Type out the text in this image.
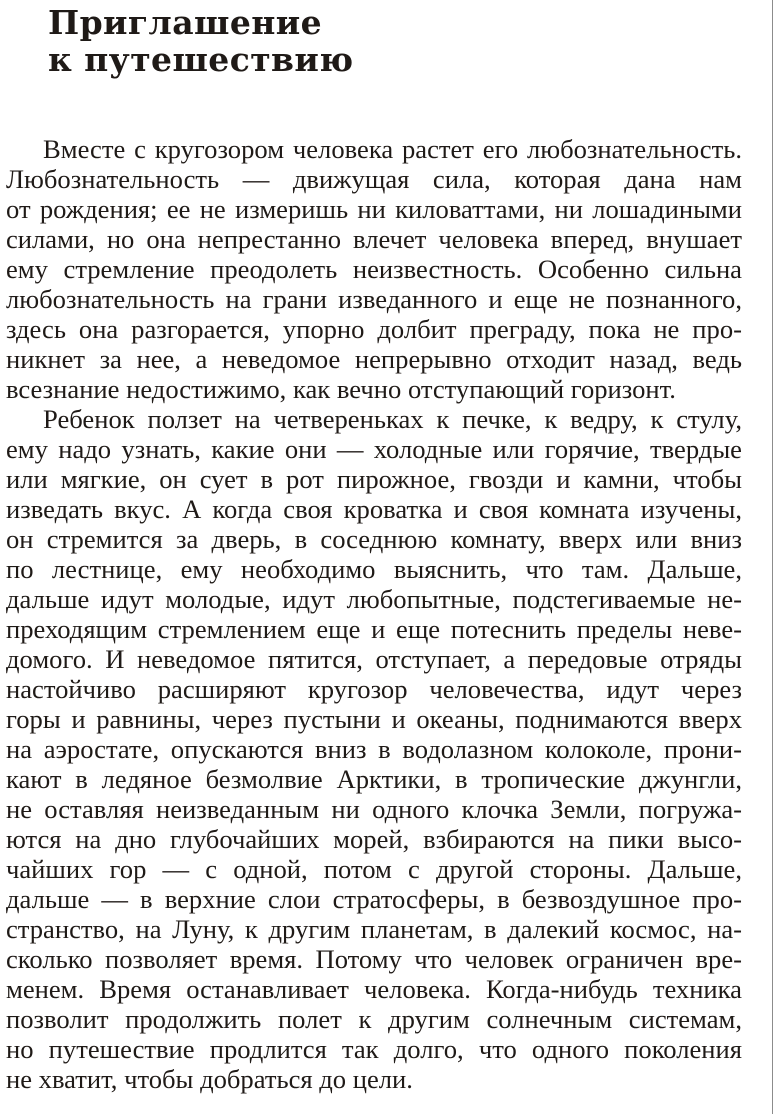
Приглашение
к путешествию
Вместе с кругозором человека растет его любознательность.
Любознательность — движущая сила, которая дана нам
от рождения; ее не измеришь ни киловаттами, ни лошадиными
силами, но она непрестанно влечет человека вперед, внушает
ему стремление преодолеть неизвестность. Особенно сильна
любознательность на грани изведанного и еще не познанного,
здесь она разгорается, упорно долбит преграду, пока не про-
никнет за нее, а неведомое непрерывно отходит назад, ведь
всезнание недостижимо, как вечно отступающий горизонт.
Ребенок ползет на четвереньках к печке, к ведру, к стулу,
ему надо узнать, какие они — холодные или горячие, твердые
или мягкие, он сует в рот пирожное, гвозди и камни, чтобы
изведать вкус. А когда своя кроватка и своя комната изучены,
он стремится за дверь, в соседнюю комнату, вверх или вниз
по лестнице, ему необходимо выяснить, что там. Дальше,
дальше идут молодые, идут любопытные, подстегиваемые не-
преходящим стремлением еще и еще потеснить пределы неве-
домого. И неведомое пятится, отступает, а передовые отряды
настойчиво расширяют кругозор человечества, идут через
горы и равнины, через пустыни и океаны, поднимаются вверх
на аэростате, опускаются вниз в водолазном колоколе, прони-
кают в ледяное безмолвие Арктики, в тропические джунгли,
не оставляя неизведанным ни одного клочка Земли, погружа-
ются на дно глубочайших морей, взбираются на пики высо-
чайших гор — с одной, потом с другой стороны. Дальше,
дальше — в верхние слои стратосферы, в безвоздушное про-
странство, на Луну, к другим планетам, в далекий космос, на-
сколько позволяет время. Потому что человек ограничен вре-
менем. Время останавливает человека. Когда-нибудь техника
позволит продолжить полет к другим солнечным системам,
но путешествие продлится так долго, что одного поколения
не хватит, чтобы добраться до цели.
